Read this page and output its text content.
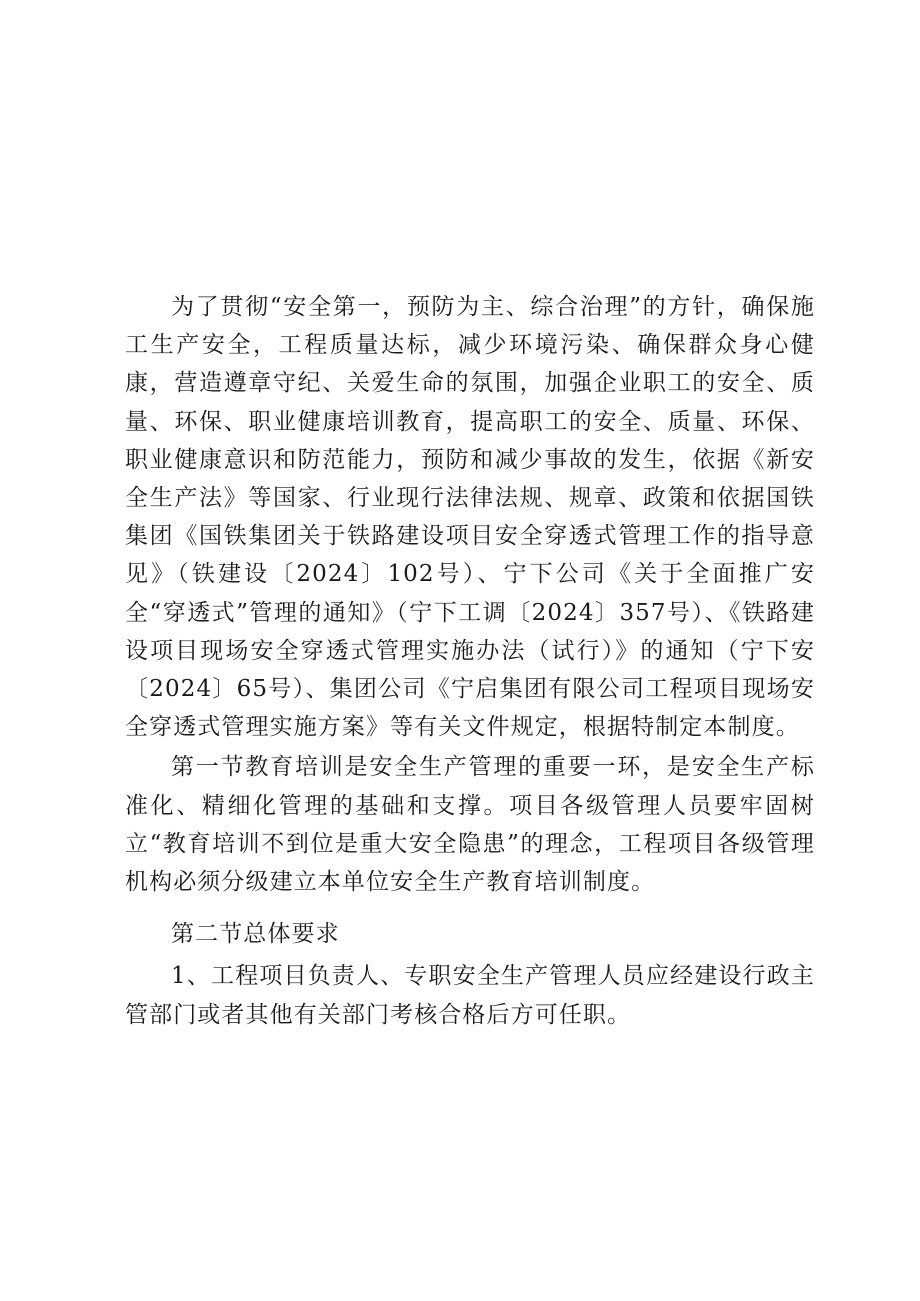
为了贯彻“安全第一，预防为主、综合治理”的方针，确保施工生产安全，工程质量达标，减少环境污染、确保群众身心健康，营造遵章守纪、关爱生命的氛围，加强企业职工的安全、质量、环保、职业健康培训教育，提高职工的安全、质量、环保、职业健康意识和防范能力，预防和减少事故的发生，依据《新安全生产法》等国家、行业现行法律法规、规章、政策和依据国铁集团《国铁集团关于铁路建设项目安全穿透式管理工作的指导意见》（铁建设〔2024〕102号）、宁下公司《关于全面推广安全“穿透式”管理的通知》（宁下工调〔2024〕357号）、《铁路建设项目现场安全穿透式管理实施办法（试行）》的通知（宁下安〔2024〕65号）、集团公司《宁启集团有限公司工程项目现场安全穿透式管理实施方案》等有关文件规定，根据特制定本制度。

第一节教育培训是安全生产管理的重要一环，是安全生产标准化、精细化管理的基础和支撑。项目各级管理人员要牢固树立“教育培训不到位是重大安全隐患”的理念，工程项目各级管理机构必须分级建立本单位安全生产教育培训制度。

第二节总体要求

1、工程项目负责人、专职安全生产管理人员应经建设行政主管部门或者其他有关部门考核合格后方可任职。
